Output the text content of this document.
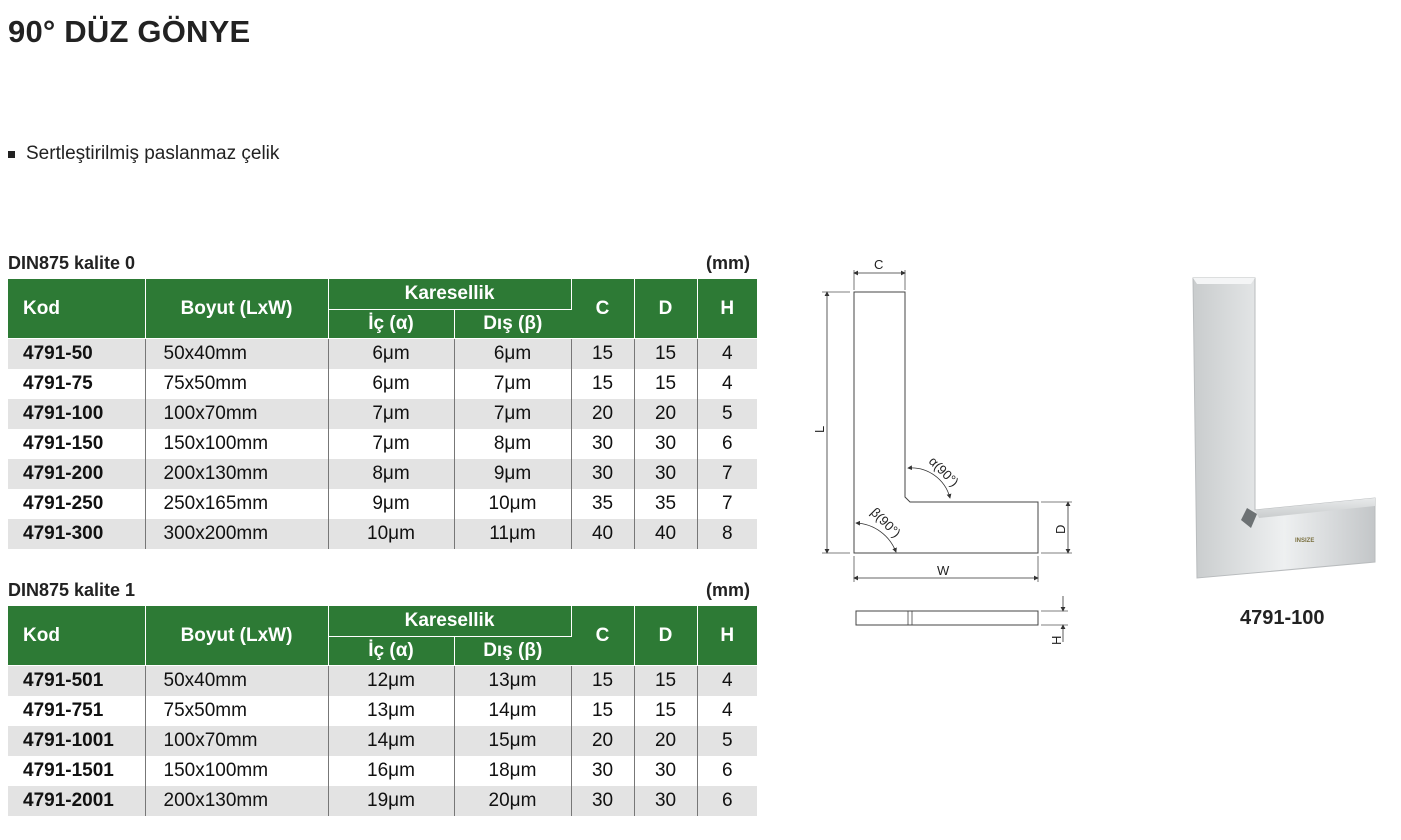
90° DÜZ GÖNYE
Sertleştirilmiş paslanmaz çelik
DIN875 kalite 0	(mm)
Kod	Boyut (LxW)	Karesellik		C	D	H
		İç (α)	Dış (β)			
4791-50	50x40mm	6μm	6μm	15	15	4
4791-75	75x50mm	6μm	7μm	15	15	4
4791-100	100x70mm	7μm	7μm	20	20	5
4791-150	150x100mm	7μm	8μm	30	30	6
4791-200	200x130mm	8μm	9μm	30	30	7
4791-250	250x165mm	9μm	10μm	35	35	7
4791-300	300x200mm	10μm	11μm	40	40	8
DIN875 kalite 1	(mm)
Kod	Boyut (LxW)	Karesellik		C	D	H
		İç (α)	Dış (β)			
4791-501	50x40mm	12μm	13μm	15	15	4
4791-751	75x50mm	13μm	14μm	15	15	4
4791-1001	100x70mm	14μm	15μm	20	20	5
4791-1501	150x100mm	16μm	18μm	30	30	6
4791-2001	200x130mm	19μm	20μm	30	30	6
C
L
W
D
α(90°)
β(90°)
H
INSIZE
4791-100
